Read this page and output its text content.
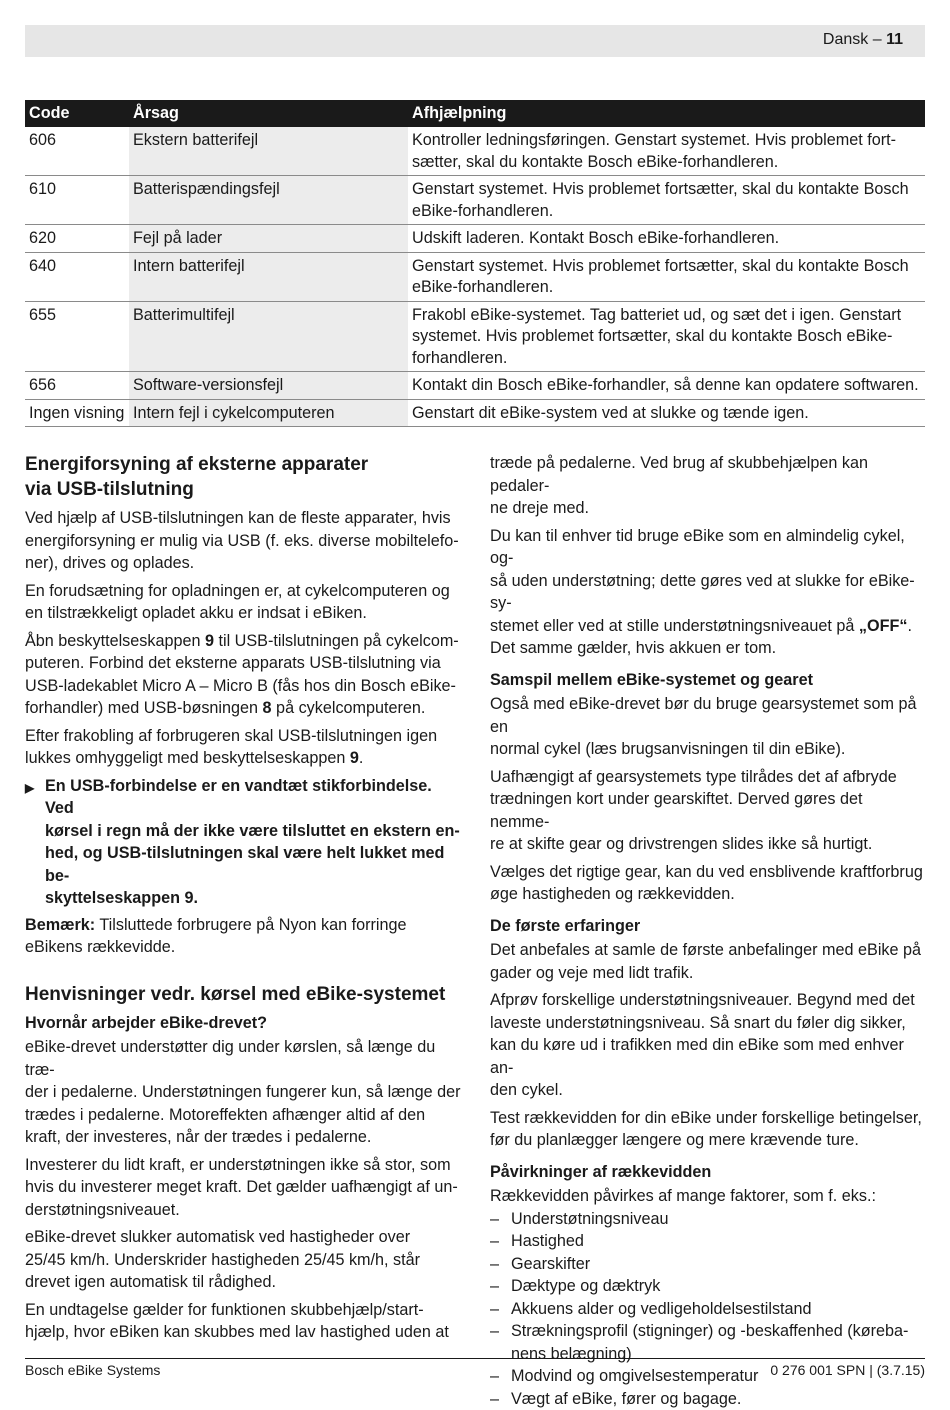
Dansk – 11
Code	Årsag	Afhjælpning
606	Ekstern batterifejl	Kontroller ledningsføringen. Genstart systemet. Hvis problemet fort-
sætter, skal du kontakte Bosch eBike-forhandleren.
610	Batterispændingsfejl	Genstart systemet. Hvis problemet fortsætter, skal du kontakte Bosch
eBike-forhandleren.
620	Fejl på lader	Udskift laderen. Kontakt Bosch eBike-forhandleren.
640	Intern batterifejl	Genstart systemet. Hvis problemet fortsætter, skal du kontakte Bosch
eBike-forhandleren.
655	Batterimultifejl	Frakobl eBike-systemet. Tag batteriet ud, og sæt det i igen. Genstart
systemet. Hvis problemet fortsætter, skal du kontakte Bosch eBike-
forhandleren.
656	Software-versionsfejl	Kontakt din Bosch eBike-forhandler, så denne kan opdatere softwaren.
Ingen visning	Intern fejl i cykelcomputeren	Genstart dit eBike-system ved at slukke og tænde igen.
Energiforsyning af eksterne apparater
via USB-tilslutning

Ved hjælp af USB-tilslutningen kan de fleste apparater, hvis
energiforsyning er mulig via USB (f. eks. diverse mobiltelefo-
ner), drives og oplades.

En forudsætning for opladningen er, at cykelcomputeren og
en tilstrækkeligt opladet akku er indsat i eBiken.

Åbn beskyttelseskappen 9 til USB-tilslutningen på cykelcom-
puteren. Forbind det eksterne apparats USB-tilslutning via
USB-ladekablet Micro A – Micro B (fås hos din Bosch eBike-
forhandler) med USB-bøsningen 8 på cykelcomputeren.

Efter frakobling af forbrugeren skal USB-tilslutningen igen
lukkes omhyggeligt med beskyttelseskappen 9.

▶ En USB-forbindelse er en vandtæt stikforbindelse. Ved
kørsel i regn må der ikke være tilsluttet en ekstern en-
hed, og USB-tilslutningen skal være helt lukket med be-
skyttelseskappen 9.

Bemærk: Tilsluttede forbrugere på Nyon kan forringe
eBikens rækkevidde.

Henvisninger vedr. kørsel med eBike-systemet
Hvornår arbejder eBike-drevet?

eBike-drevet understøtter dig under kørslen, så længe du træ-
der i pedalerne. Understøtningen fungerer kun, så længe der
trædes i pedalerne. Motoreffekten afhænger altid af den
kraft, der investeres, når der trædes i pedalerne.

Investerer du lidt kraft, er understøtningen ikke så stor, som
hvis du investerer meget kraft. Det gælder uafhængigt af un-
derstøtningsniveauet.

eBike-drevet slukker automatisk ved hastigheder over
25/45 km/h. Underskrider hastigheden 25/45 km/h, står
drevet igen automatisk til rådighed.

En undtagelse gælder for funktionen skubbehjælp/start-
hjælp, hvor eBiken kan skubbes med lav hastighed uden at

træde på pedalerne. Ved brug af skubbehjælpen kan pedaler-
ne dreje med.

Du kan til enhver tid bruge eBike som en almindelig cykel, og-
så uden understøtning; dette gøres ved at slukke for eBike-sy-
stemet eller ved at stille understøtningsniveauet på „OFF“.
Det samme gælder, hvis akkuen er tom.

Samspil mellem eBike-systemet og gearet

Også med eBike-drevet bør du bruge gearsystemet som på en
normal cykel (læs brugsanvisningen til din eBike).

Uafhængigt af gearsystemets type tilrådes det af afbryde
trædningen kort under gearskiftet. Derved gøres det nemme-
re at skifte gear og drivstrengen slides ikke så hurtigt.

Vælges det rigtige gear, kan du ved ensblivende kraftforbrug
øge hastigheden og rækkevidden.

De første erfaringer

Det anbefales at samle de første anbefalinger med eBike på
gader og veje med lidt trafik.

Afprøv forskellige understøtningsniveauer. Begynd med det
laveste understøtningsniveau. Så snart du føler dig sikker,
kan du køre ud i trafikken med din eBike som med enhver an-
den cykel.

Test rækkevidden for din eBike under forskellige betingelser,
før du planlægger længere og mere krævende ture.

Påvirkninger af rækkevidden

Rækkevidden påvirkes af mange faktorer, som f. eks.:

– Understøtningsniveau
– Hastighed
– Gearskifter
– Dæktype og dæktryk
– Akkuens alder og vedligeholdelsestilstand
– Strækningsprofil (stigninger) og -beskaffenhed (køreba-
nens belægning)
– Modvind og omgivelsestemperatur
– Vægt af eBike, fører og bagage.
Bosch eBike Systems	0 276 001 SPN | (3.7.15)
